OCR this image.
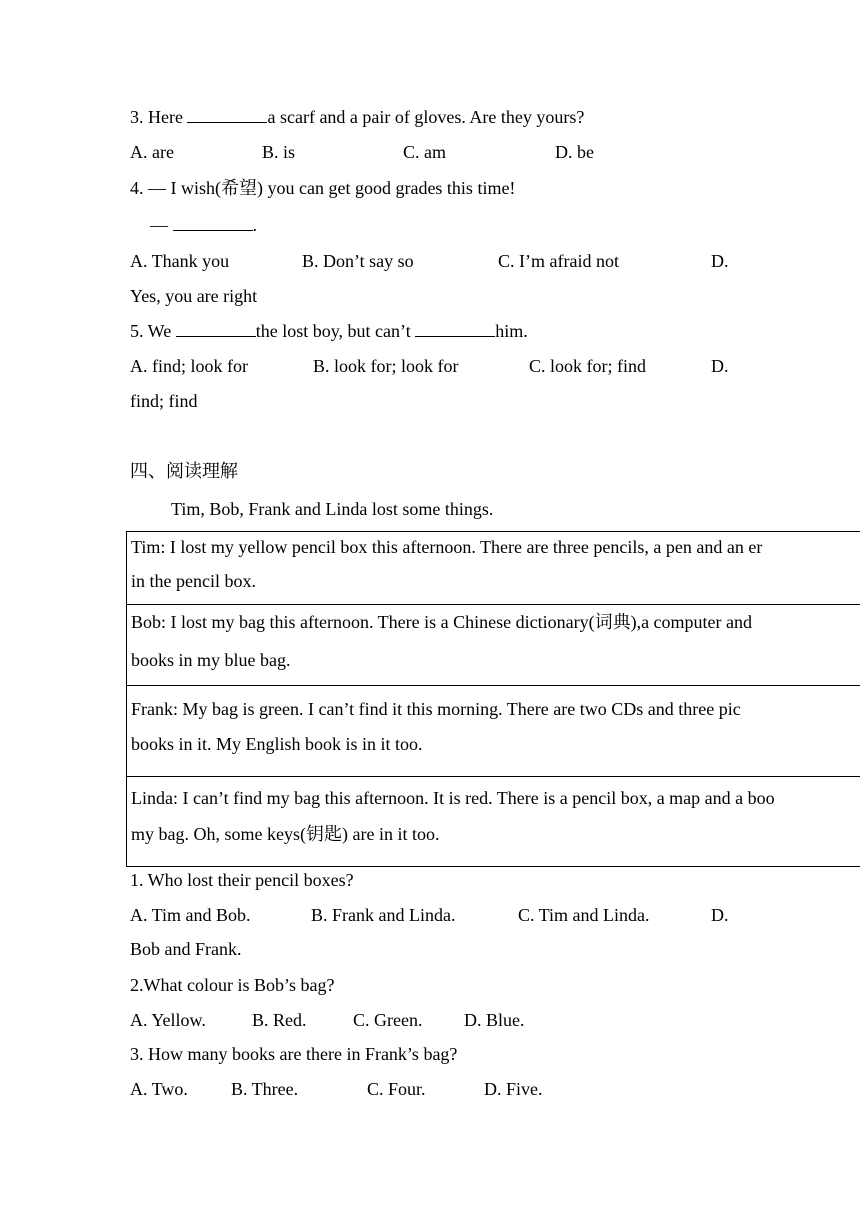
3. Here	a scarf and a pair of gloves. Are they yours?
A. are	B. is	C. am	D. be
4. — I wish(希望) you can get good grades this time!
—	.
A. Thank you	B. Don’t say so	C. I’m afraid not	D.
Yes, you are right
5. We	the lost boy, but can’t	him.
A. find; look for	B. look for; look for	C. look for; find	D.
find; find
四、阅读理解
Tim, Bob, Frank and Linda lost some things.
Tim: I lost my yellow pencil box this afternoon. There are three pencils, a pen and an er
in the pencil box.
Bob: I lost my bag this afternoon. There is a Chinese dictionary(词典),a computer and
books in my blue bag.
Frank: My bag is green. I can’t find it this morning. There are two CDs and three pic
books in it. My English book is in it too.
Linda: I can’t find my bag this afternoon. It is red. There is a pencil box, a map and a boo
my bag. Oh, some keys(钥匙) are in it too.
1. Who lost their pencil boxes?
A. Tim and Bob.	B. Frank and Linda.	C. Tim and Linda.	D.
Bob and Frank.
2.What colour is Bob’s bag?
A. Yellow.	B. Red.	C. Green. D. Blue.
3. How many books are there in Frank’s bag?
A. Two. B. Three.	C. Four.	D. Five.
